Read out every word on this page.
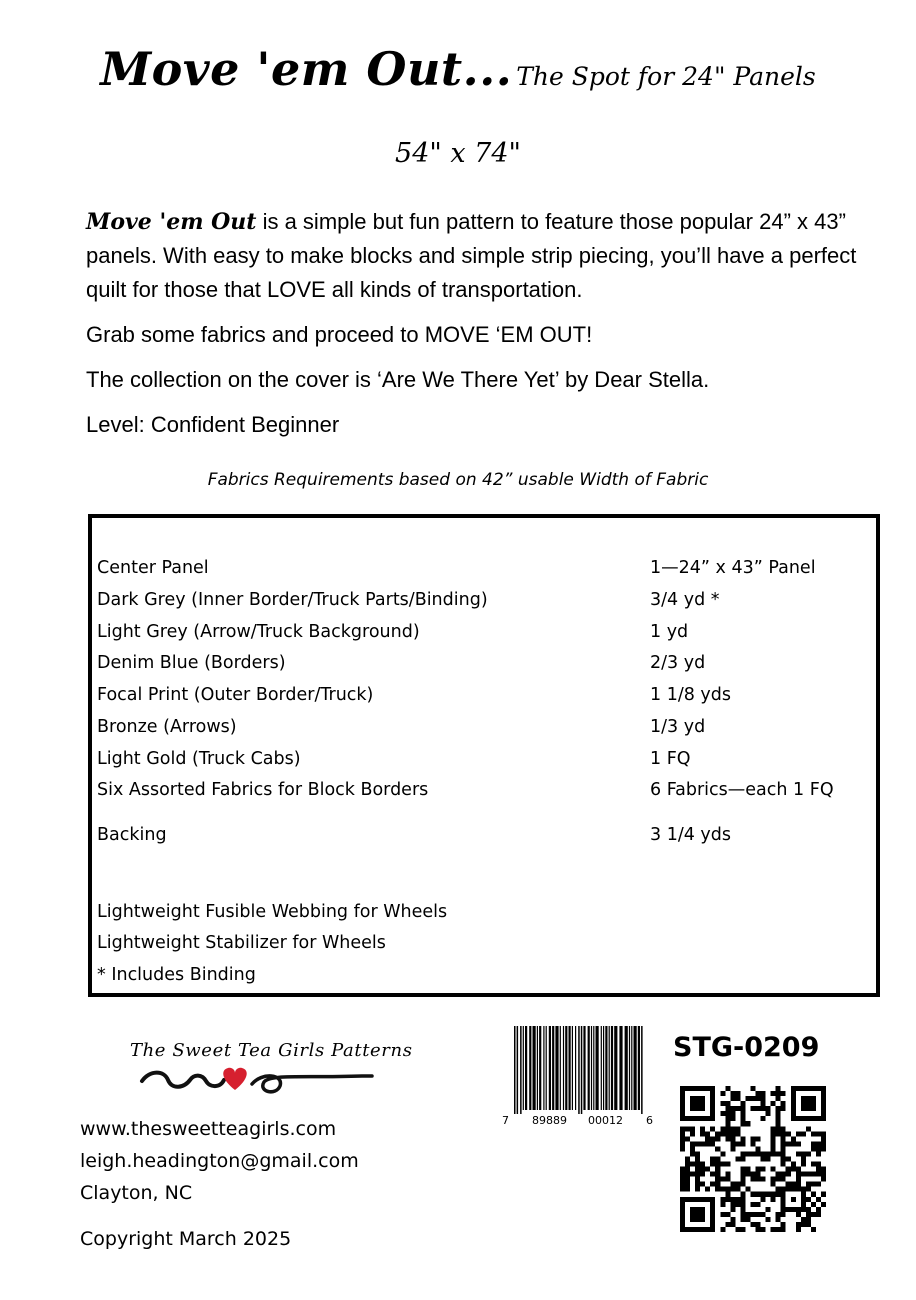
Move 'em Out... The Spot for 24" Panels
54" x 74"

Move 'em Out is a simple but fun pattern to feature those popular 24” x 43” panels. With easy to make blocks and simple strip piecing, you’ll have a perfect quilt for those that LOVE all kinds of transportation.

Grab some fabrics and proceed to MOVE ‘EM OUT!

The collection on the cover is ‘Are We There Yet’ by Dear Stella.

Level: Confident Beginner

Fabrics Requirements based on 42” usable Width of Fabric
Center Panel	1—24” x 43” Panel
Dark Grey (Inner Border/Truck Parts/Binding)	3/4 yd *
Light Grey (Arrow/Truck Background)	1 yd
Denim Blue (Borders)	2/3 yd
Focal Print (Outer Border/Truck)	1 1/8 yds
Bronze (Arrows)	1/3 yd
Light Gold (Truck Cabs)	1 FQ
Six Assorted Fabrics for Block Borders	6 Fabrics—each 1 FQ
Backing	3 1/4 yds
Lightweight Fusible Webbing for Wheels
Lightweight Stabilizer for Wheels
* Includes Binding
The Sweet Tea Girls Patterns
www.thesweetteagirls.com
leigh.headington@gmail.com
Clayton, NC
Copyright March 2025
7 89889 00012 6
STG-0209
